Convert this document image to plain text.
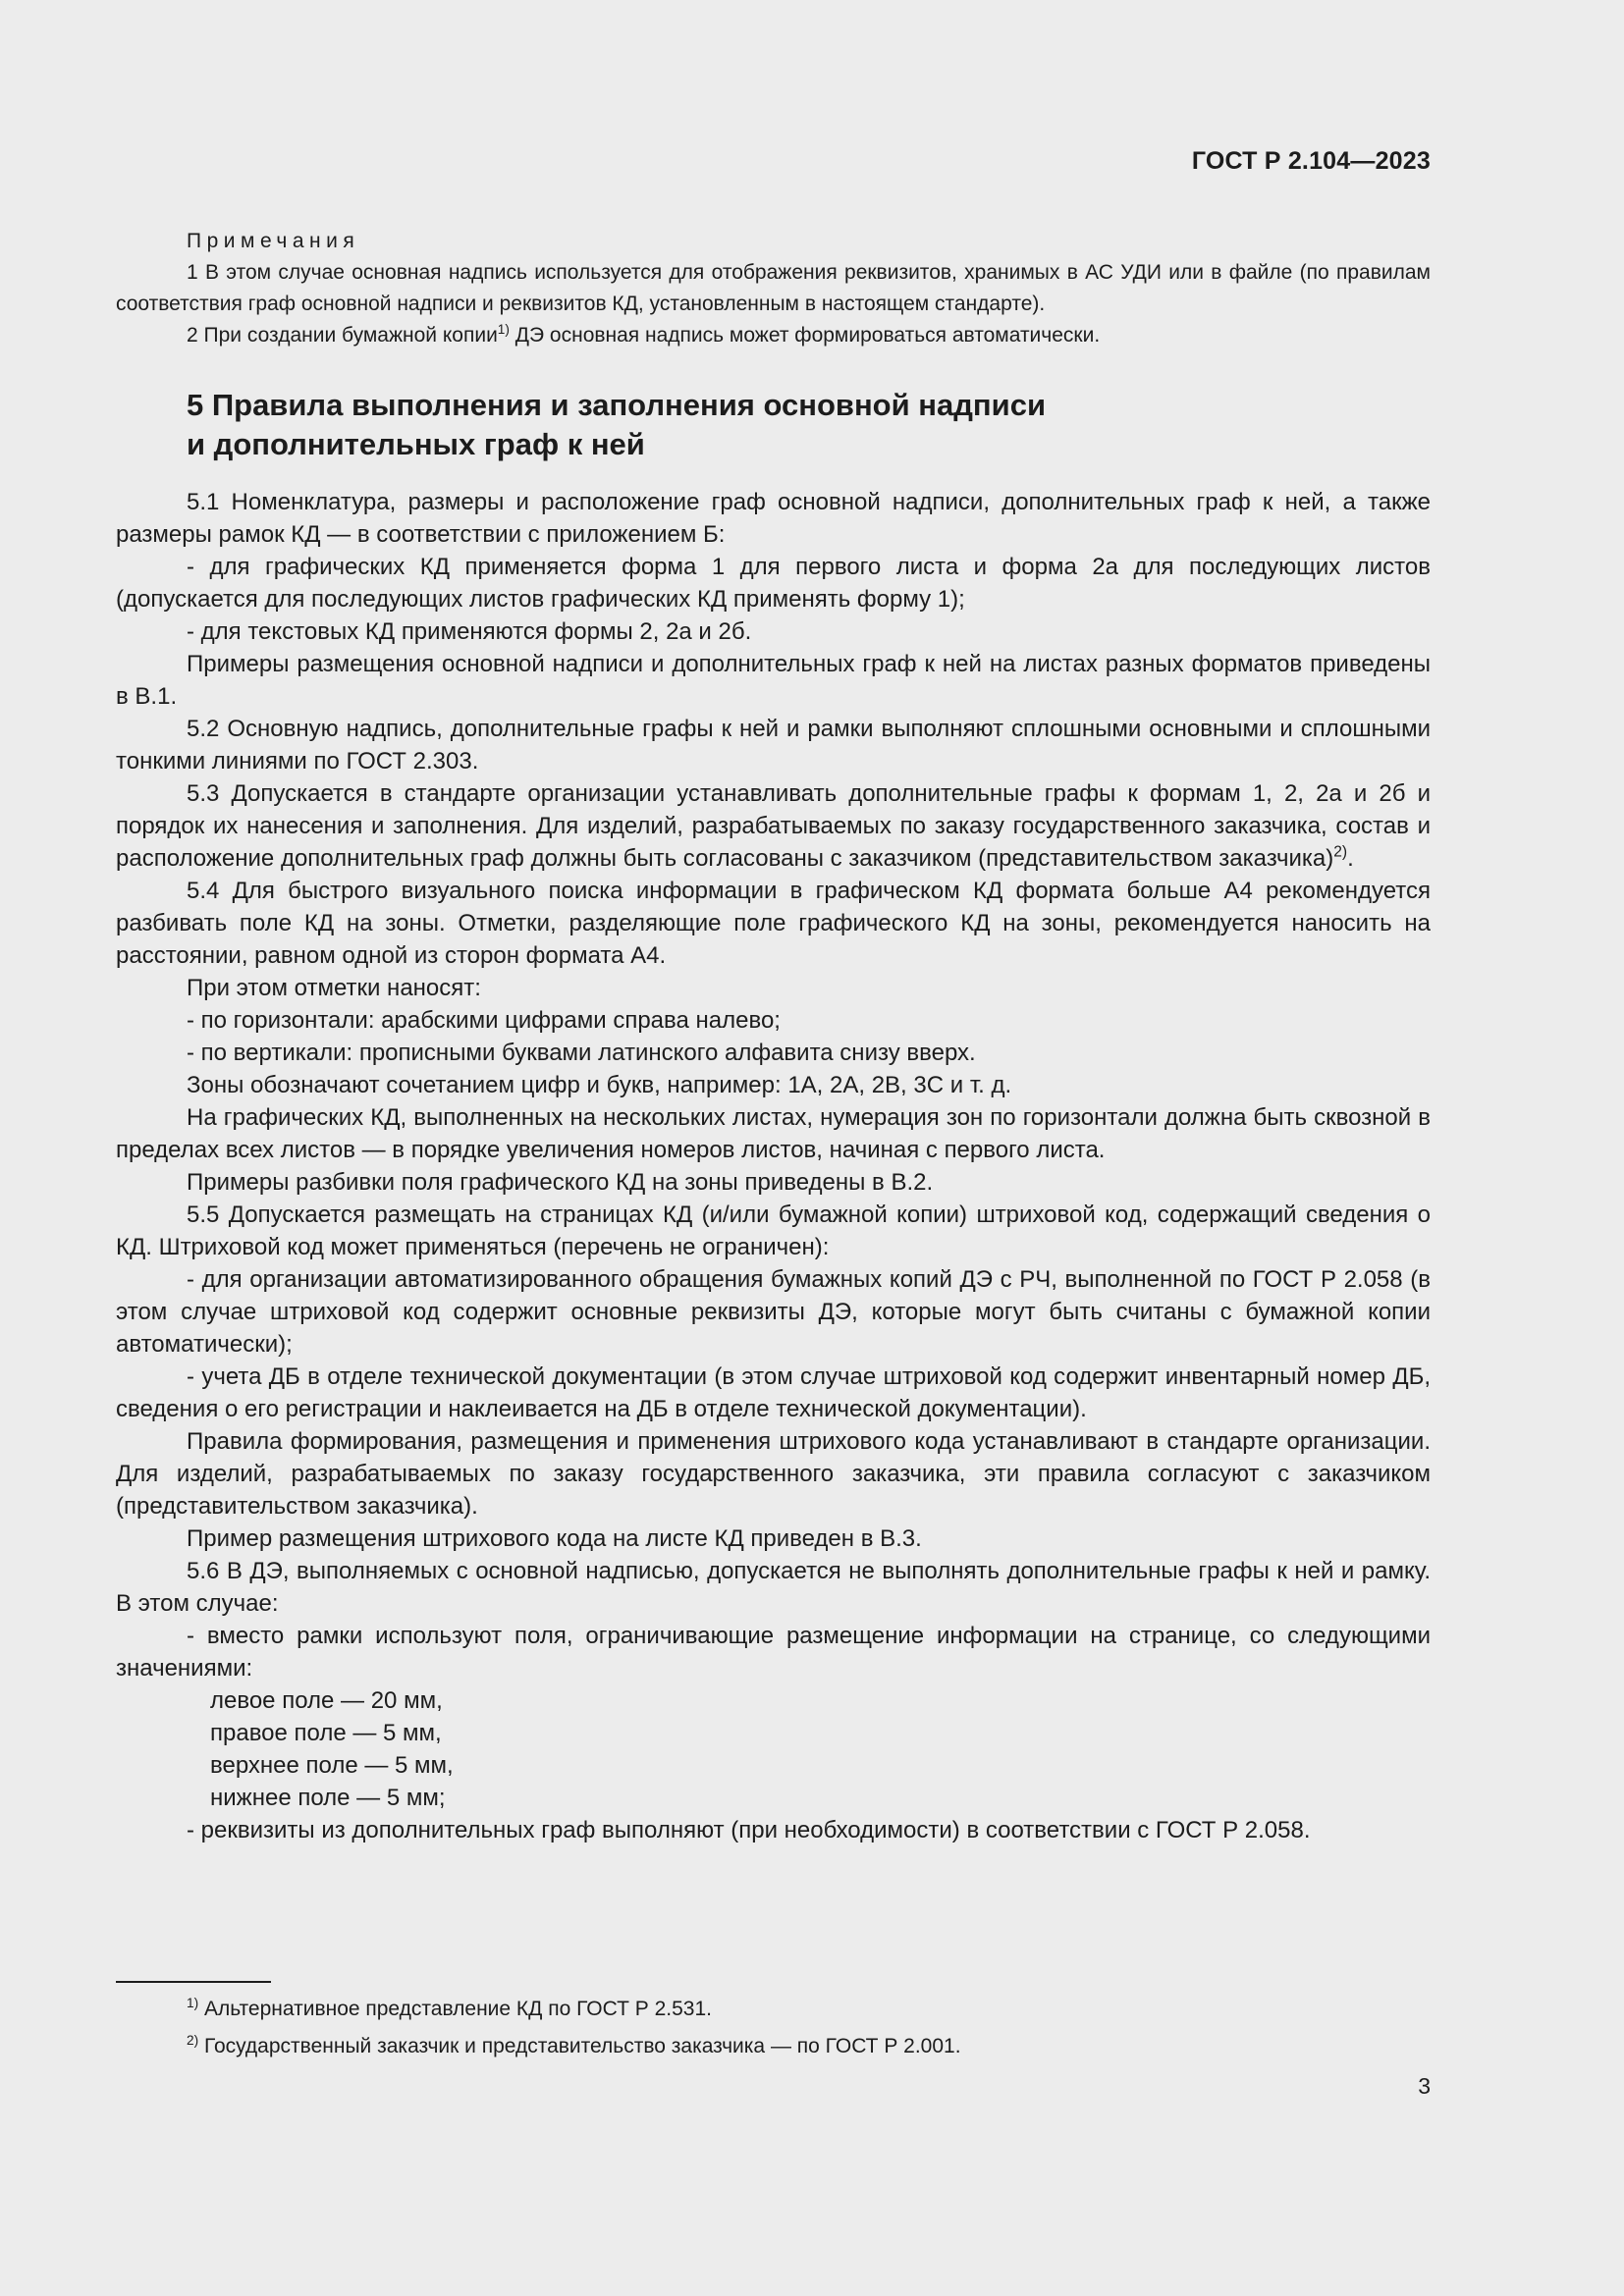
ГОСТ Р 2.104—2023
Примечания
1 В этом случае основная надпись используется для отображения реквизитов, хранимых в АС УДИ или в файле (по правилам соответствия граф основной надписи и реквизитов КД, установленным в настоящем стандарте).
2 При создании бумажной копии$^{1)}$ ДЭ основная надпись может формироваться автоматически.
5 Правила выполнения и заполнения основной надписи
и дополнительных граф к ней

5.1 Номенклатура, размеры и расположение граф основной надписи, дополнительных граф к ней, а также размеры рамок КД — в соответствии с приложением Б:

- для графических КД применяется форма 1 для первого листа и форма 2а для последующих листов (допускается для последующих листов графических КД применять форму 1);

- для текстовых КД применяются формы 2, 2а и 2б.

Примеры размещения основной надписи и дополнительных граф к ней на листах разных форматов приведены в В.1.

5.2 Основную надпись, дополнительные графы к ней и рамки выполняют сплошными основными и сплошными тонкими линиями по ГОСТ 2.303.

5.3 Допускается в стандарте организации устанавливать дополнительные графы к формам 1, 2, 2а и 2б и порядок их нанесения и заполнения. Для изделий, разрабатываемых по заказу государственного заказчика, состав и расположение дополнительных граф должны быть согласованы с заказчиком (представительством заказчика)$^{2)}$.

5.4 Для быстрого визуального поиска информации в графическом КД формата больше А4 рекомендуется разбивать поле КД на зоны. Отметки, разделяющие поле графического КД на зоны, рекомендуется наносить на расстоянии, равном одной из сторон формата А4.

При этом отметки наносят:

- по горизонтали: арабскими цифрами справа налево;

- по вертикали: прописными буквами латинского алфавита снизу вверх.

Зоны обозначают сочетанием цифр и букв, например: 1А, 2А, 2В, 3С и т. д.

На графических КД, выполненных на нескольких листах, нумерация зон по горизонтали должна быть сквозной в пределах всех листов — в порядке увеличения номеров листов, начиная с первого листа.

Примеры разбивки поля графического КД на зоны приведены в В.2.

5.5 Допускается размещать на страницах КД (и/или бумажной копии) штриховой код, содержащий сведения о КД. Штриховой код может применяться (перечень не ограничен):

- для организации автоматизированного обращения бумажных копий ДЭ с РЧ, выполненной по ГОСТ Р 2.058 (в этом случае штриховой код содержит основные реквизиты ДЭ, которые могут быть считаны с бумажной копии автоматически);

- учета ДБ в отделе технической документации (в этом случае штриховой код содержит инвентарный номер ДБ, сведения о его регистрации и наклеивается на ДБ в отделе технической документации).

Правила формирования, размещения и применения штрихового кода устанавливают в стандарте организации. Для изделий, разрабатываемых по заказу государственного заказчика, эти правила согласуют с заказчиком (представительством заказчика).

Пример размещения штрихового кода на листе КД приведен в В.3.

5.6 В ДЭ, выполняемых с основной надписью, допускается не выполнять дополнительные графы к ней и рамку. В этом случае:

- вместо рамки используют поля, ограничивающие размещение информации на странице, со следующими значениями:

левое поле — 20 мм,

правое поле — 5 мм,

верхнее поле — 5 мм,

нижнее поле — 5 мм;

- реквизиты из дополнительных граф выполняют (при необходимости) в соответствии с ГОСТ Р 2.058.

$^{1)}$ Альтернативное представление КД по ГОСТ Р 2.531.
$^{2)}$ Государственный заказчик и представительство заказчика — по ГОСТ Р 2.001.
3
